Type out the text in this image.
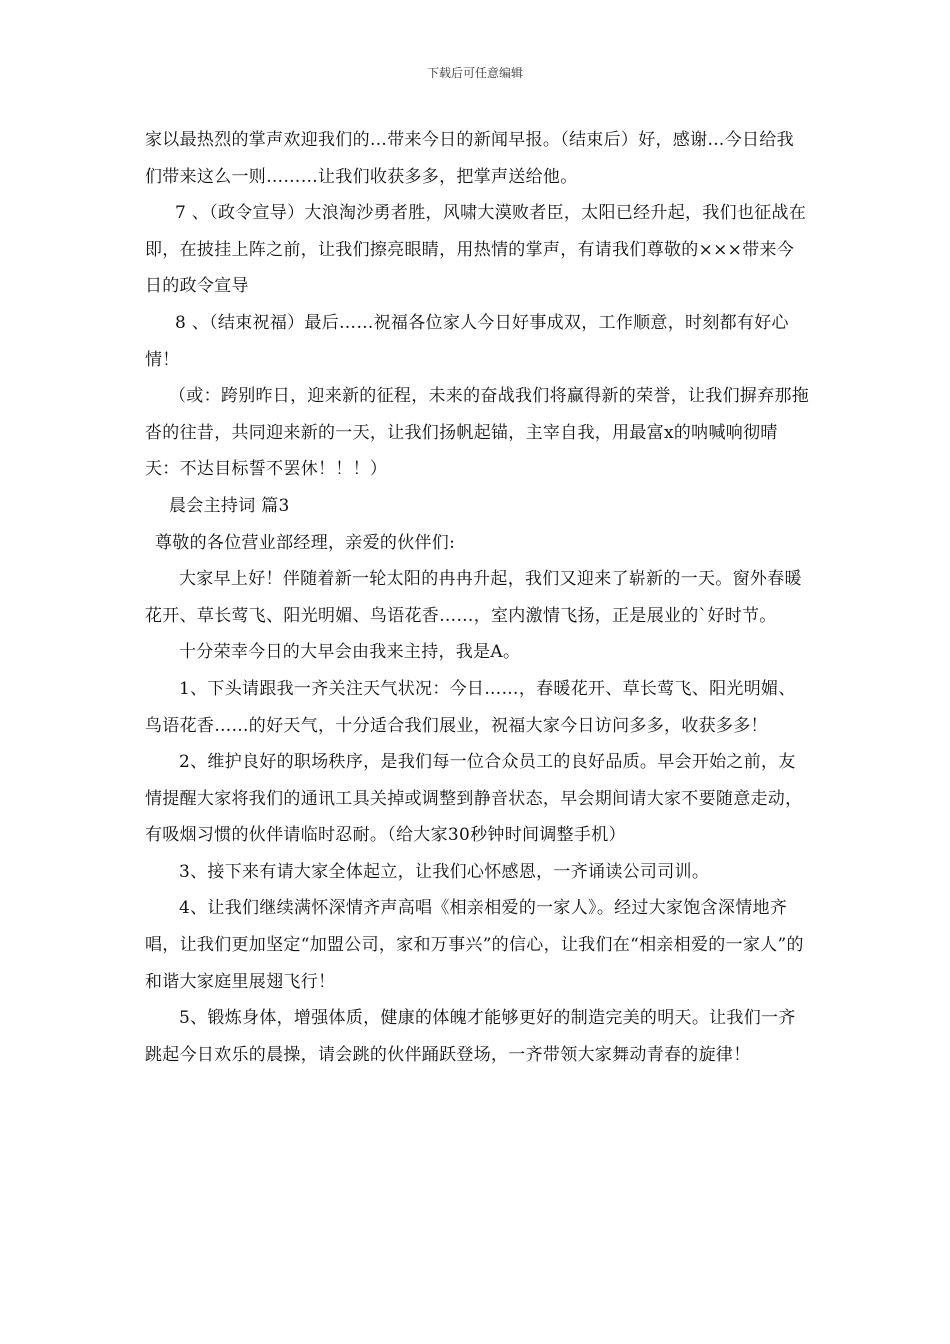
下载后可任意编辑

家以最热烈的掌声欢迎我们的…带来今日的新闻早报。（结束后）好，感谢…今日给我们带来这么一则………让我们收获多多，把掌声送给他。

7 、（政令宣导）大浪淘沙勇者胜，风啸大漠败者臣，太阳已经升起，我们也征战在即，在披挂上阵之前，让我们擦亮眼睛，用热情的掌声，有请我们尊敬的×××带来今日的政令宣导

8 、（结束祝福）最后……祝福各位家人今日好事成双，工作顺意，时刻都有好心情！

（或：跨别昨日，迎来新的征程，未来的奋战我们将赢得新的荣誉，让我们摒弃那拖沓的往昔，共同迎来新的一天，让我们扬帆起锚，主宰自我，用最富x的呐喊响彻晴天：不达目标誓不罢休！！！）

晨会主持词 篇3

尊敬的各位营业部经理，亲爱的伙伴们:

大家早上好！伴随着新一轮太阳的冉冉升起，我们又迎来了崭新的一天。窗外春暖花开、草长莺飞、阳光明媚、鸟语花香……，室内激情飞扬，正是展业的`好时节。

十分荣幸今日的大早会由我来主持，我是A。

1、下头请跟我一齐关注天气状况：今日……，春暖花开、草长莺飞、阳光明媚、鸟语花香……的好天气，十分适合我们展业，祝福大家今日访问多多，收获多多！

2、维护良好的职场秩序，是我们每一位合众员工的良好品质。早会开始之前，友情提醒大家将我们的通讯工具关掉或调整到静音状态，早会期间请大家不要随意走动，有吸烟习惯的伙伴请临时忍耐。（给大家30秒钟时间调整手机）

3、接下来有请大家全体起立，让我们心怀感恩，一齐诵读公司司训。

4、让我们继续满怀深情齐声高唱《相亲相爱的一家人》。经过大家饱含深情地齐唱，让我们更加坚定“加盟公司，家和万事兴”的信心，让我们在“相亲相爱的一家人”的和谐大家庭里展翅飞行！

5、锻炼身体，增强体质，健康的体魄才能够更好的制造完美的明天。让我们一齐跳起今日欢乐的晨操，请会跳的伙伴踊跃登场，一齐带领大家舞动青春的旋律！
